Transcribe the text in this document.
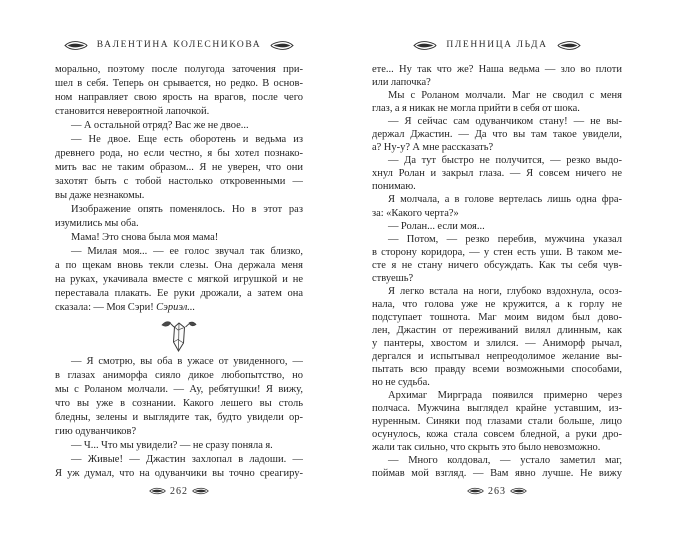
ВАЛЕНТИНА КОЛЕСНИКОВА
морально, поэтому после полугода заточения при-
шел в себя. Теперь он срывается, но редко. В основ-
ном направляет свою ярость на врагов, после чего
становится невероятной лапочкой.
— А остальной отряд? Вас же не двое...
— Не двое. Еще есть оборотень и ведьма из
древнего рода, но если честно, я бы хотел познако-
мить вас не таким образом... Я не уверен, что они
захотят быть с тобой настолько откровенными —
вы даже незнакомы.
Изображение опять поменялось. Но в этот раз
изумились мы оба.
Мама! Это снова была моя мама!
— Милая моя... — ее голос звучал так близко,
а по щекам вновь текли слезы. Она держала меня
на руках, укачивала вместе с мягкой игрушкой и не
переставала плакать. Ее руки дрожали, а затем она
сказала: — Моя Сэри! Сэриэл...
— Я смотрю, вы оба в ужасе от увиденного, —
в глазах аниморфа сияло дикое любопытство, но
мы с Роланом молчали. — Ау, ребятушки! Я вижу,
что вы уже в сознании. Какого лешего вы столь
бледны, зелены и выглядите так, будто увидели ор-
гию одуванчиков?
— Ч... Что мы увидели? — не сразу поняла я.
— Живые! — Джастин захлопал в ладоши. —
Я уж думал, что на одуванчики вы точно среагиру-
262
ПЛЕННИЦА ЛЬДА
ете... Ну так что же? Наша ведьма — зло во плоти
или лапочка?
Мы с Роланом молчали. Маг не сводил с меня
глаз, а я никак не могла прийти в себя от шока.
— Я сейчас сам одуванчиком стану! — не вы-
держал Джастин. — Да что вы там такое увидели,
а? Ну-у? А мне рассказать?
— Да тут быстро не получится, — резко выдо-
хнул Ролан и закрыл глаза. — Я совсем ничего не
понимаю.
Я молчала, а в голове вертелась лишь одна фра-
за: «Какого черта?»
— Ролан... если моя...
— Потом, — резко перебив, мужчина указал
в сторону коридора, — у стен есть уши. В таком ме-
сте я не стану ничего обсуждать. Как ты себя чув-
ствуешь?
Я легко встала на ноги, глубоко вздохнула, осоз-
нала, что голова уже не кружится, а к горлу не
подступает тошнота. Маг моим видом был дово-
лен, Джастин от переживаний вилял длинным, как
у пантеры, хвостом и злился. — Аниморф рычал,
дергался и испытывал непреодолимое желание вы-
пытать всю правду всеми возможными способами,
но не судьба.
Архимаг Мирграда появился примерно через
полчаса. Мужчина выглядел крайне уставшим, из-
нуренным. Синяки под глазами стали больше, лицо
осунулось, кожа стала совсем бледной, а руки дро-
жали так сильно, что скрыть это было невозможно.
— Много колдовал, — устало заметил маг,
поймав мой взгляд. — Вам явно лучше. Не вижу
263
